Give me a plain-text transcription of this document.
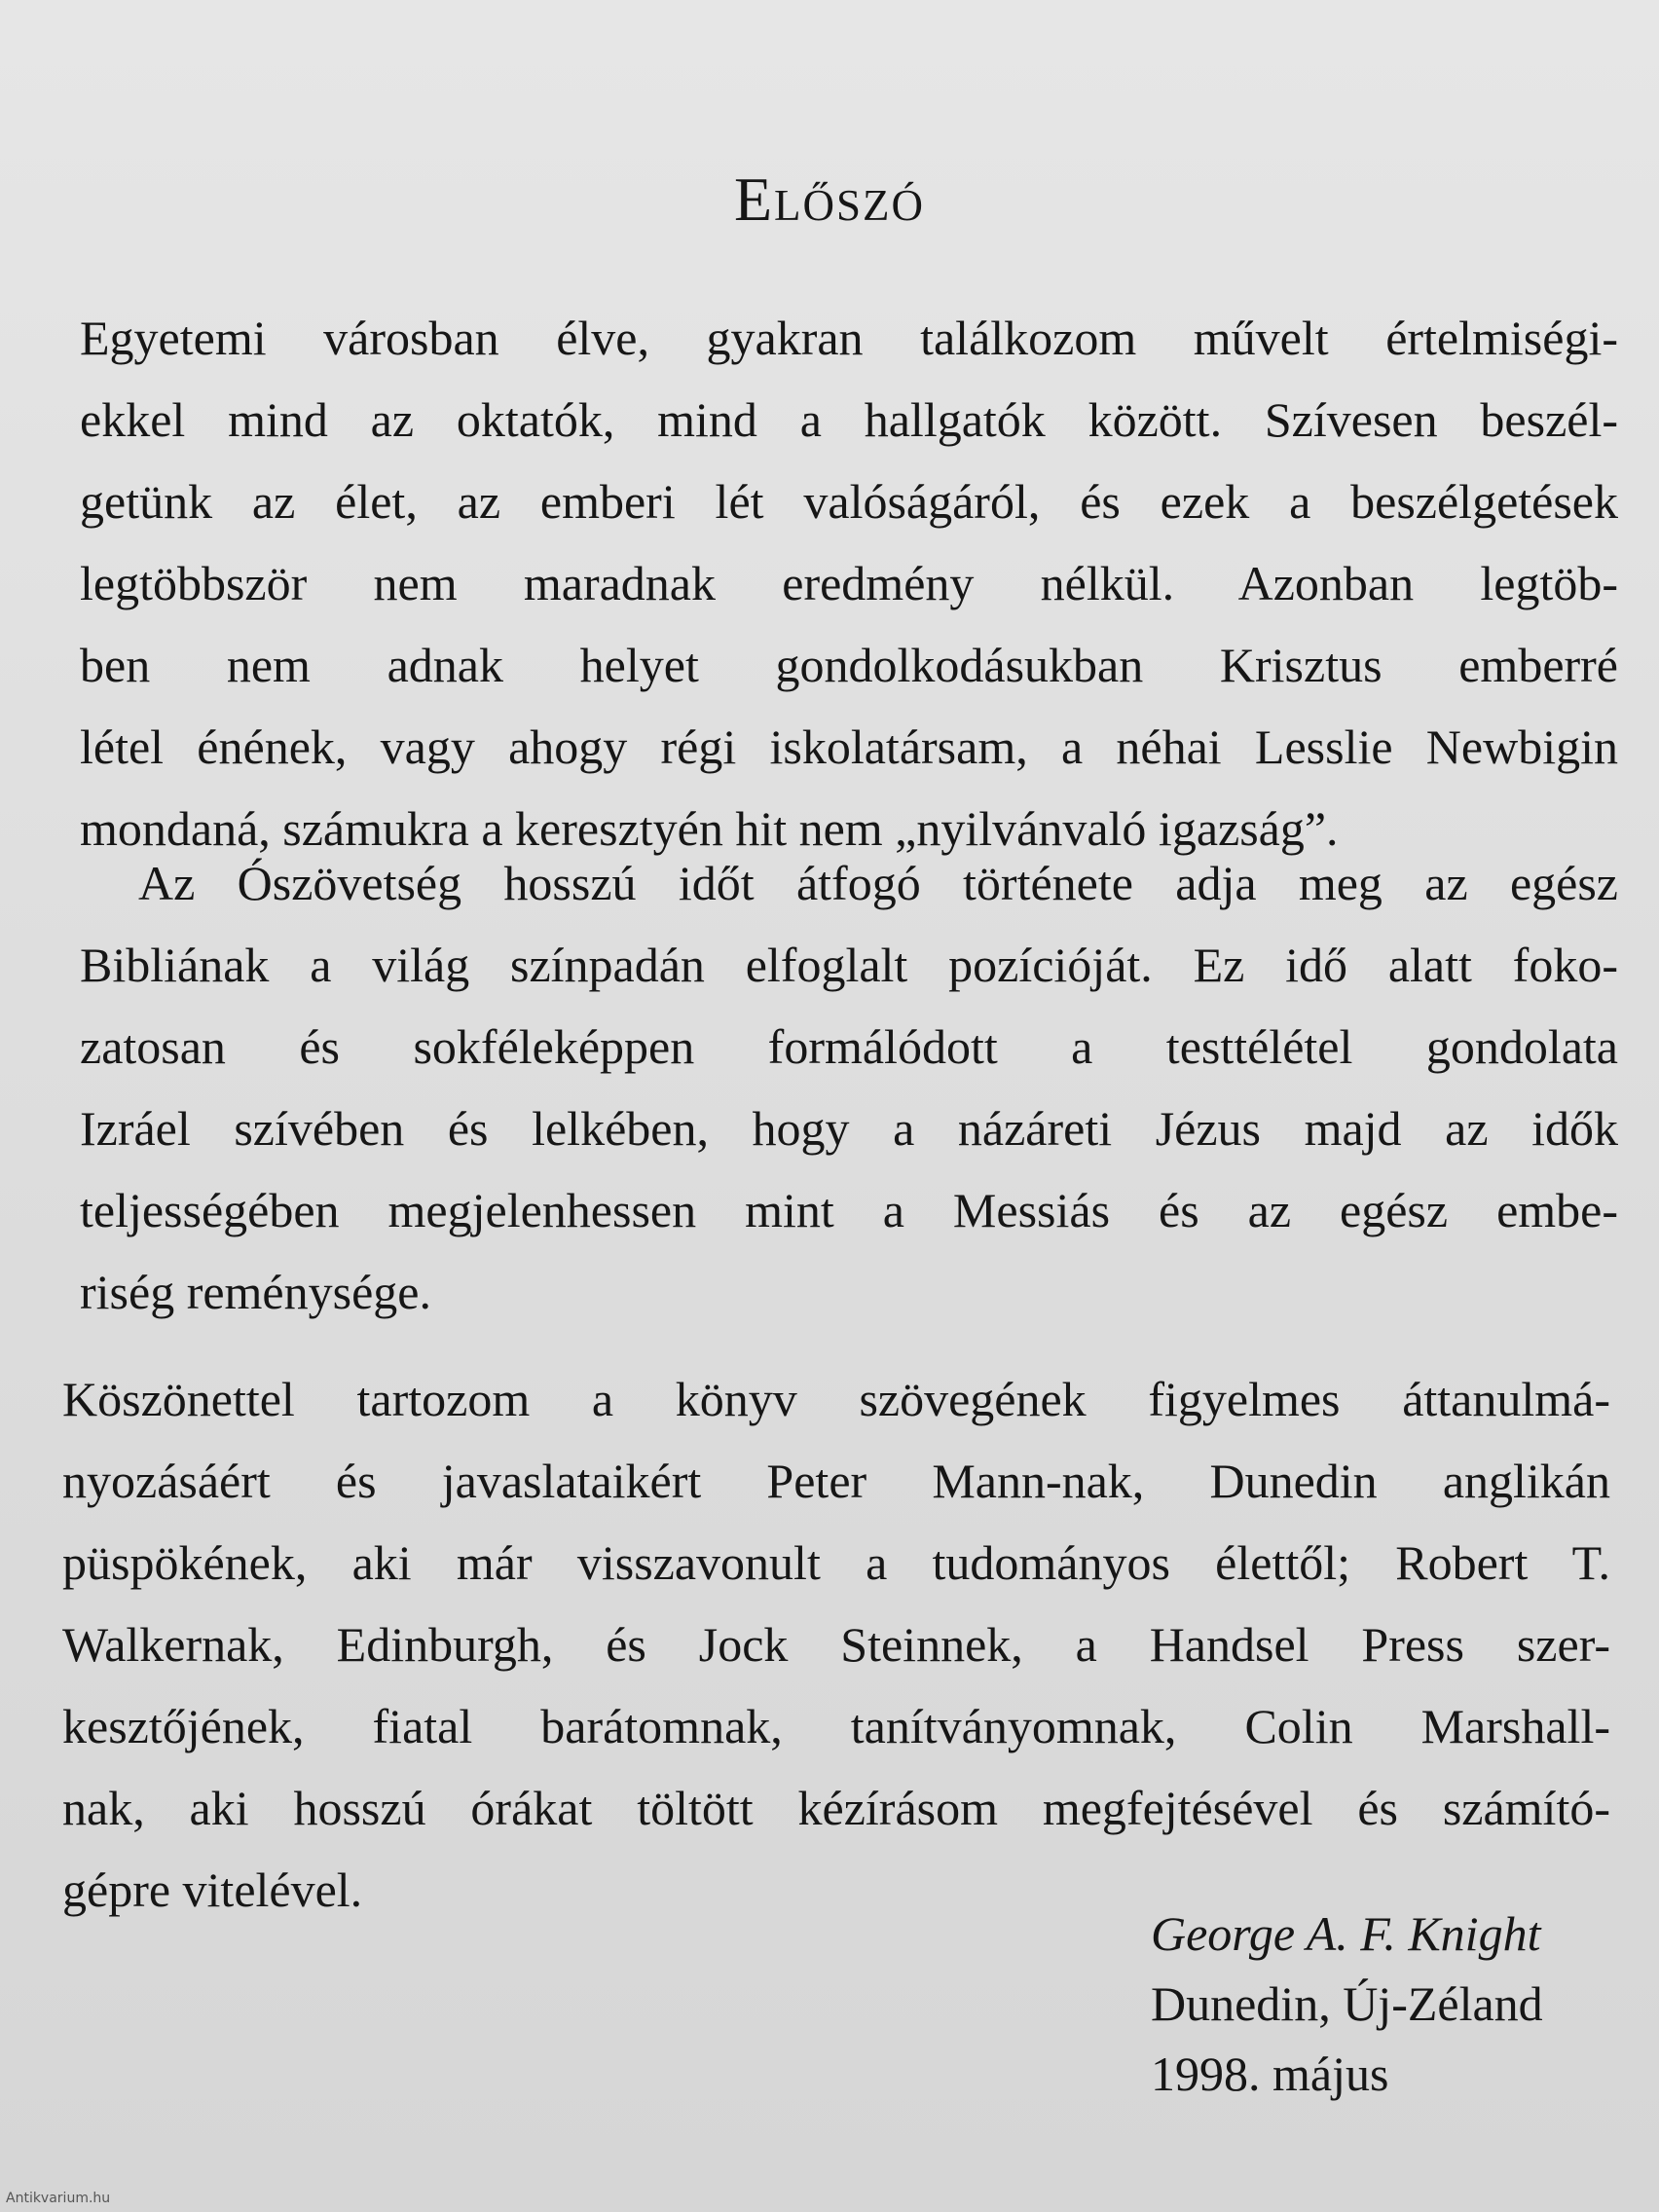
Előszó
Egyetemi városban élve, gyakran találkozom művelt értelmiségi-
ekkel mind az oktatók, mind a hallgatók között. Szívesen beszél-
getünk az élet, az emberi lét valóságáról, és ezek a beszélgetések
legtöbbször nem maradnak eredmény nélkül. Azonban legtöb-
ben nem adnak helyet gondolkodásukban Krisztus emberré
létel énének, vagy ahogy régi iskolatársam, a néhai Lesslie Newbigin
mondaná, számukra a keresztyén hit nem „nyilvánvaló igazság”.
Az Ószövetség hosszú időt átfogó története adja meg az egész
Bibliának a világ színpadán elfoglalt pozícióját. Ez idő alatt foko-
zatosan és sokféleképpen formálódott a testtélétel gondolata
Izráel szívében és lelkében, hogy a názáreti Jézus majd az idők
teljességében megjelenhessen mint a Messiás és az egész embe-
riség reménysége.
Köszönettel tartozom a könyv szövegének figyelmes áttanulmá-
nyozásáért és javaslataikért Peter Mann-nak, Dunedin anglikán
püspökének, aki már visszavonult a tudományos élettől; Robert T.
Walkernak, Edinburgh, és Jock Steinnek, a Handsel Press szer-
kesztőjének, fiatal barátomnak, tanítványomnak, Colin Marshall-
nak, aki hosszú órákat töltött kézírásom megfejtésével és számító-
gépre vitelével.
George A. F. Knight
Dunedin, Új-Zéland
1998. május
Antikvarium.hu
